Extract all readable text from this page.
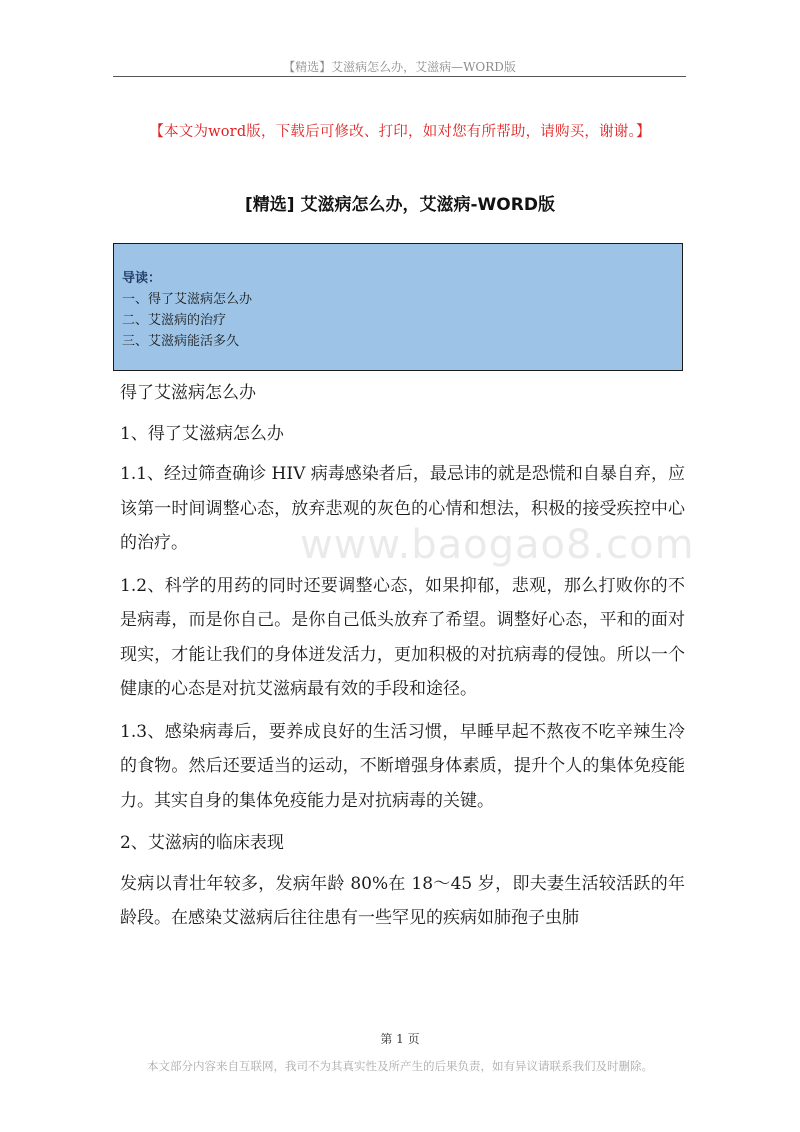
【精选】艾滋病怎么办，艾滋病—WORD版
【本文为word版，下载后可修改、打印，如对您有所帮助，请购买，谢谢。】
[精选] 艾滋病怎么办，艾滋病-WORD版
导读：
一、得了艾滋病怎么办
二、艾滋病的治疗
三、艾滋病能活多久
www.baogao8.com

得了艾滋病怎么办

1、得了艾滋病怎么办

1.1、经过筛查确诊 HIV 病毒感染者后，最忌讳的就是恐慌和自暴自弃，应该第一时间调整心态，放弃悲观的灰色的心情和想法，积极的接受疾控中心的治疗。

1.2、科学的用药的同时还要调整心态，如果抑郁，悲观，那么打败你的不是病毒，而是你自己。是你自己低头放弃了希望。调整好心态，平和的面对现实，才能让我们的身体迸发活力，更加积极的对抗病毒的侵蚀。所以一个健康的心态是对抗艾滋病最有效的手段和途径。

1.3、感染病毒后，要养成良好的生活习惯，早睡早起不熬夜不吃辛辣生冷的食物。然后还要适当的运动，不断增强身体素质，提升个人的集体免疫能力。其实自身的集体免疫能力是对抗病毒的关键。

2、艾滋病的临床表现

发病以青壮年较多，发病年龄 80%在 18～45 岁，即夫妻生活较活跃的年龄段。在感染艾滋病后往往患有一些罕见的疾病如肺孢子虫肺

第 1 页
本文部分内容来自互联网，我司不为其真实性及所产生的后果负责，如有异议请联系我们及时删除。
